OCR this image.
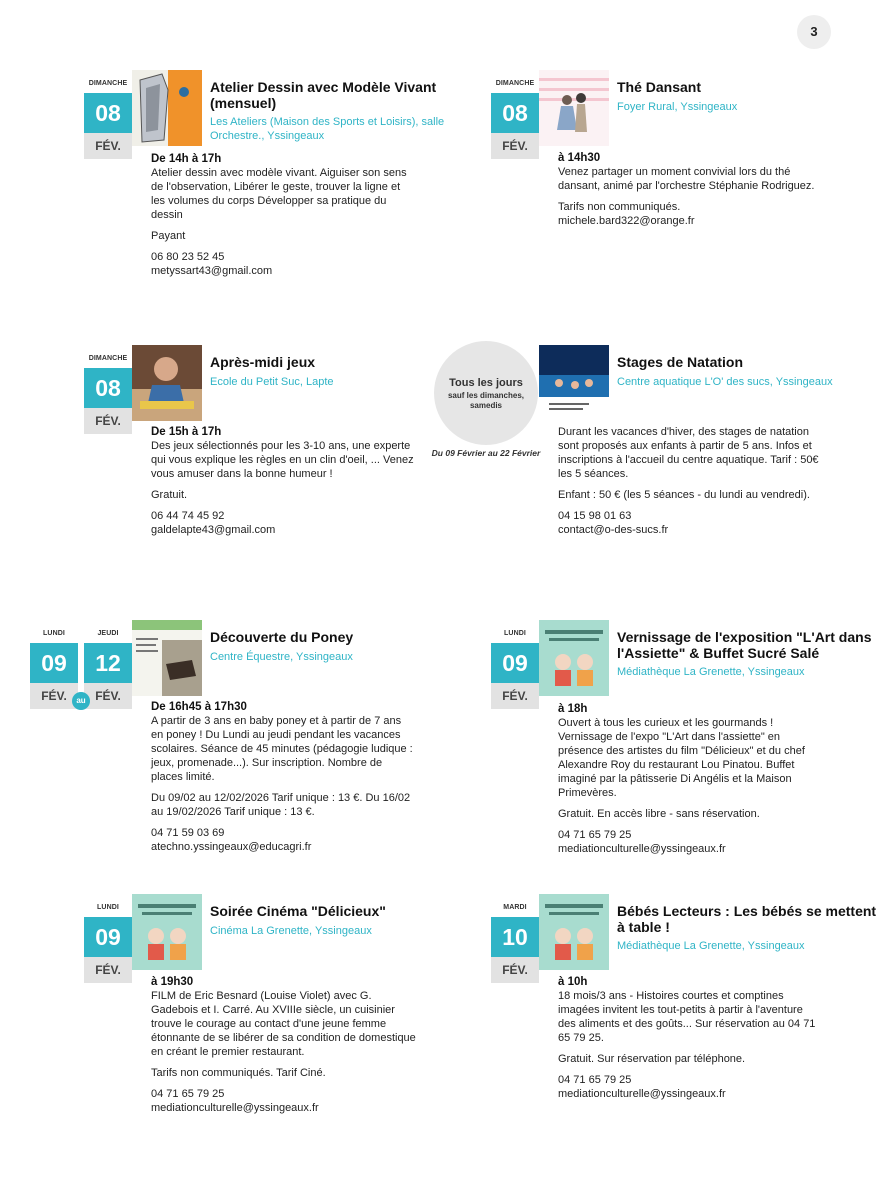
3
DIMANCHE
08
FÉV.
Atelier Dessin avec Modèle Vivant (mensuel)
Les Ateliers (Maison des Sports et Loisirs), salle Orchestre., Yssingeaux
De 14h à 17h

Atelier dessin avec modèle vivant. Aiguiser son sens de l'observation, Libérer le geste, trouver la ligne et les volumes du corps Développer sa pratique du dessin

Payant

06 80 23 52 45
metyssart43@gmail.com
DIMANCHE
08
FÉV.
Thé Dansant
Foyer Rural, Yssingeaux
à 14h30

Venez partager un moment convivial lors du thé dansant, animé par l'orchestre Stéphanie Rodriguez.

Tarifs non communiqués.
michele.bard322@orange.fr
DIMANCHE
08
FÉV.
Après-midi jeux
Ecole du Petit Suc, Lapte
De 15h à 17h

Des jeux sélectionnés pour les 3-10 ans, une experte qui vous explique les règles en un clin d'oeil, ... Venez vous amuser dans la bonne humeur !

Gratuit.

06 44 74 45 92
galdelapte43@gmail.com
Tous les jours
sauf les dimanches, samedis
Du 09 Février au 22 Février
Stages de Natation
Centre aquatique L'O' des sucs, Yssingeaux

Durant les vacances d'hiver, des stages de natation sont proposés aux enfants à partir de 5 ans. Infos et inscriptions à l'accueil du centre aquatique. Tarif : 50€ les 5 séances.

Enfant : 50 € (les 5 séances - du lundi au vendredi).

04 15 98 01 63
contact@o-des-sucs.fr
LUNDI
09
FÉV.	au
JEUDI
12
FÉV.
Découverte du Poney
Centre Équestre, Yssingeaux
De 16h45 à 17h30

A partir de 3 ans en baby poney et à partir de 7 ans en poney ! Du Lundi au jeudi pendant les vacances scolaires. Séance de 45 minutes (pédagogie ludique : jeux, promenade...). Sur inscription. Nombre de places limité.

Du 09/02 au 12/02/2026 Tarif unique : 13 €. Du 16/02 au 19/02/2026 Tarif unique : 13 €.

04 71 59 03 69
atechno.yssingeaux@educagri.fr
LUNDI
09
FÉV.
Vernissage de l'exposition "L'Art dans l'Assiette" & Buffet Sucré Salé
Médiathèque La Grenette, Yssingeaux
à 18h

Ouvert à tous les curieux et les gourmands ! Vernissage de l'expo "L'Art dans l'assiette" en présence des artistes du film "Délicieux" et du chef Alexandre Roy du restaurant Lou Pinatou. Buffet imaginé par la pâtisserie Di Angélis et la Maison Primevères.

Gratuit. En accès libre - sans réservation.

04 71 65 79 25
mediationculturelle@yssingeaux.fr
LUNDI
09
FÉV.
Soirée Cinéma "Délicieux"
Cinéma La Grenette, Yssingeaux
à 19h30

FILM de Eric Besnard (Louise Violet) avec G. Gadebois et I. Carré. Au XVIIIe siècle, un cuisinier trouve le courage au contact d'une jeune femme étonnante de se libérer de sa condition de domestique en créant le premier restaurant.

Tarifs non communiqués. Tarif Ciné.

04 71 65 79 25
mediationculturelle@yssingeaux.fr
MARDI
10
FÉV.
Bébés Lecteurs : Les bébés se mettent à table !
Médiathèque La Grenette, Yssingeaux
à 10h

18 mois/3 ans - Histoires courtes et comptines imagées invitent les tout-petits à partir à l'aventure des aliments et des goûts... Sur réservation au 04 71 65 79 25.

Gratuit. Sur réservation par téléphone.

04 71 65 79 25
mediationculturelle@yssingeaux.fr
